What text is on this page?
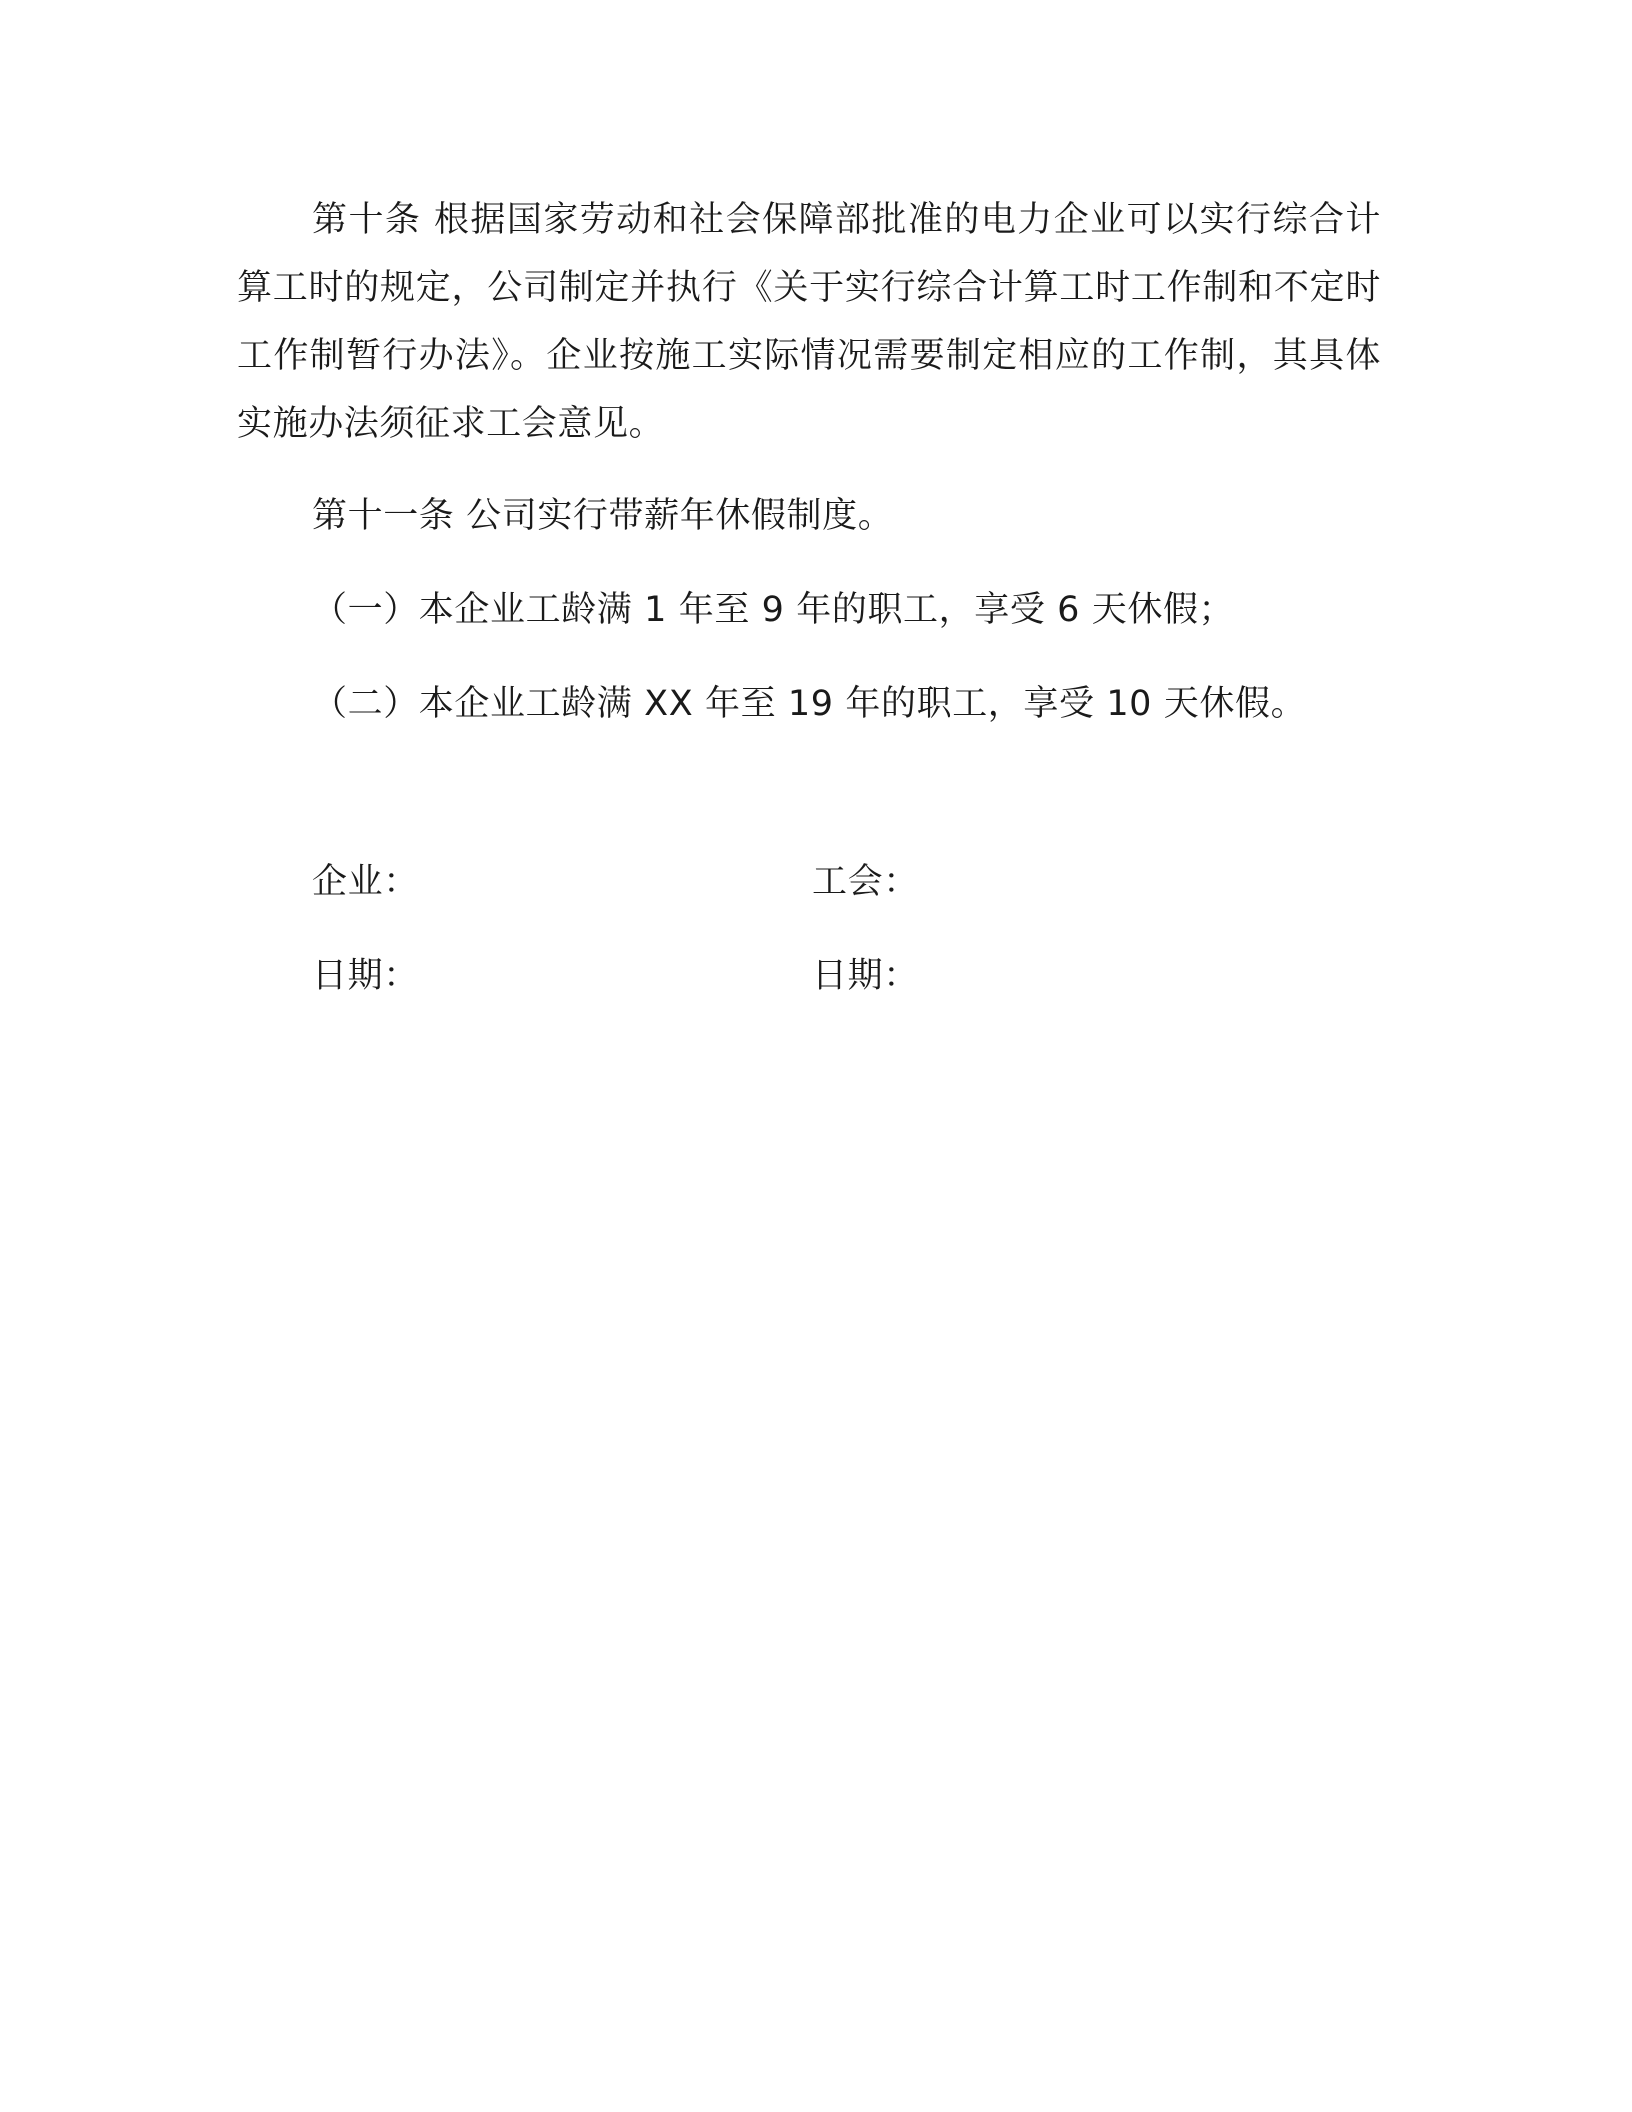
第十条 根据国家劳动和社会保障部批准的电力企业可以实行综合计算工时的规定，公司制定并执行《关于实行综合计算工时工作制和不定时工作制暂行办法》。企业按施工实际情况需要制定相应的工作制，其具体实施办法须征求工会意见。

第十一条 公司实行带薪年休假制度。

（一）本企业工龄满 1 年至 9 年的职工，享受 6 天休假；

（二）本企业工龄满 XX 年至 19 年的职工，享受 10 天休假。

企业：	工会：
日期：	日期：
